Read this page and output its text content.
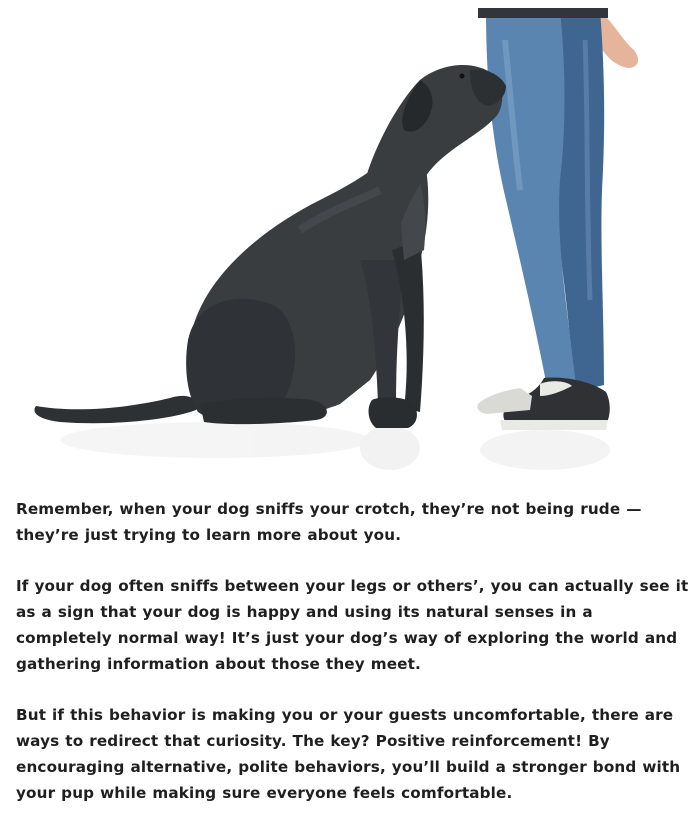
Remember, when your dog sniffs your crotch, they’re not being rude — they’re just trying to learn more about you.

If your dog often sniffs between your legs or others’, you can actually see it as a sign that your dog is happy and using its natural senses in a completely normal way! It’s just your dog’s way of exploring the world and gathering information about those they meet.

But if this behavior is making you or your guests uncomfortable, there are ways to redirect that curiosity. The key? Positive reinforcement! By encouraging alternative, polite behaviors, you’ll build a stronger bond with your pup while making sure everyone feels comfortable.
